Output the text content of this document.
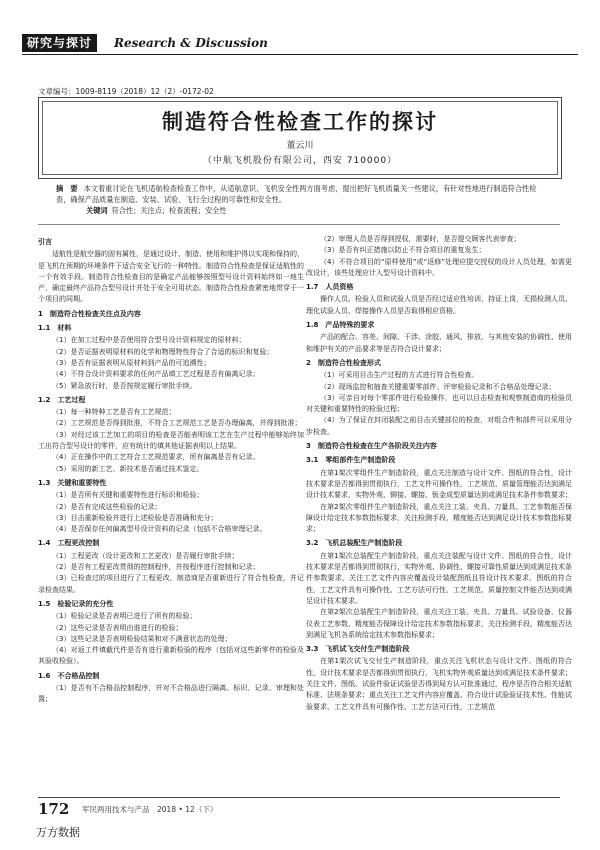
研究与探讨	Research & Discussion
文章编号：1009-8119（2018）12（2）-0172-02
制造符合性检查工作的探讨
董云川
（中航飞机股份有限公司，西安 710000）
摘　要 本文着重讨论在飞机适航检查检查工作中，从适航意识、飞机安全性两方面考虑，提出把好飞机质量关一些建议，有针对性地进行制造符合性检查，确保产品质量在制造、安装、试验、飞行全过程的可靠性和安全性。
关键词 符合性；关注点；检查流程；安全性

引言

适航性是航空器的固有属性，是通过设计、制造、使用和维护得以实现和保持的，是飞机在预期的环境条件下适合安全飞行的一种特性。制造符合性检查是保证适航性的一个有效手段。制造符合性检查目的是确定产品能够按照型号设计资料始终如一地生产，确定最终产品符合型号设计并处于安全可用状态。制造符合性检查紧密地贯穿于一个项目的同期。

1　制造符合性检查关注点及内容

1.1　材料

（1）在加工过程中是否使用符合型号设计资料规定的原材料；

（2）是否证据表明原材料的化学和物理特性符合了合适的标识和复验；

（3）是否有证据表明从原材料到产品的可追溯性；

（4）不符合设计资料要求的任何产品填工艺过程是否有偏离记录；

（5）紧急放行时，是否按规定履行审批手续。

1.2　工艺过程

（1）每一种特种工艺是否有工艺规范；

（2）工艺规范是否得到批准，不符合工艺规范工艺是否办理偏离，并得到批准；

（3）对经过该工艺加工的项目的检查是否能表明该工艺在生产过程中能够始终加工出符合型号设计的零件，应有统计的填其他证据表明以上结果。

（4）正在操作中的工艺符合工艺规范要求，所有偏离是否有记录。

（5）采用的新工艺、新技术是否通过技术鉴定。

1.3　关键和重要特性

（1）是否所有关键和重要特性进行标识和检验；

（2）是否有完成这些检验的记录；

（3）目击重新检验并进行上述检验是否准确和充分；

（4）是否保存任何偏离型号设计资料的记录（包括不合格审理记录。

1.4　工程更改控制

（1）工程更改（设计更改和工艺更改）是否履行审批手续；

（2）是否有工程更改贯彻的控制程序，并按程序进行控制和记录；

（3）已检查过的项目进行了工程更改，制造商是否重新进行了符合性检查，并记录检查结果。

1.5　检验记录的充分性

（1）检验记录是否表明已进行了所有的检验；

（2）这些记录是否表明由谁进行的检验；

（3）这些记录是否表明检验结果和对不满意状态的处理；

（4）对返工件填截代件是否有进行重新检验的程序（包括对这些新零件的检验及其验收检验）。

1.6　不合格品控制

（1）是否有不合格品控制程序，并对不合格品进行隔离、标识、记录、审理和处置；

（2）审理人员是否得到授权，需要时，是否提交顾客代表审查；

（3）是否有纠正措施以防止不符合项目的重复发生；

（4）不符合项目的“原样使用”或“返修”处理应提交授权的设计人员处理，如需更改设计，该些处理应计入型号设计资料中。

1.7　人员资格

操作人员、检验人员和试验人员是否经过适应性培训，持证上岗，无损检测人员、理化试验人员、焊接操作人员是否取得相应资格。

1.8　产品特殊的要求

产品的配合、容差、间隙、干涉、涂胶、通风、排放、与其他安装的协调性、使用和维护有关的产品要求等是否符合设计要求；

2　制造符合性检查形式

（1）可采用目击生产过程的方式进行符合性检查。

（2）现场监控和抽查关键重要零部件、评审检验记录和不合格品处理记录；

（3）可亲自对每个零部件进行检验操作，也可以目击检查和观察制造商的检验员对关键和重要特性的检验过程；

（4）为了保证在封闭装配之前目击关键部位的检查，对组合件和部件可以采用分步检查。

3　制造符合性检查在生产各阶段关注内容

3.1　零组部件生产制造阶段

在第1架次零组件生产制造阶段，重点关注制造与设计文件、图纸的符合性，设计技术要求是否都得到贯彻执行，工艺文件可操作性，工艺规范、质量管理能否达到满足设计技术要求，实物外观、铆接、螺接、钣金成型质量达到或满足技术条件参数要求；

在第2架次零组件生产制造阶段，重点关注工装、夹具、刀量具、工艺参数能否保障设计给定技术参数指标要求，关注检测手段、精度能否达到满足设计技术参数指标要求；

3.2　飞机总装配生产制造阶段

在第1架次总装配生产制造阶段，重点关注装配与设计文件、图纸的符合性，设计技术要求是否都得到贯彻执行，实物外观、协调性、螺接可靠性质量达到或满足技术条件参数要求，关注工艺文件内容应覆盖设计装配图纸且符设计技术要求，图纸的符合性，工艺文件具有可操作性、工艺方法可行性，工艺规范、质量控制文件能否达到或满足设计技术要求。

在第2架次总装配生产制造阶段，重点关注工装、夹具、刀量具、试验设备、仪器仪表工艺参数、精度能否保障设计给定技术参数指标要求，关注检测手段、精度能否达到满足飞机各系统给定技术参数指标要求；

3.3　飞机试飞交付生产制造阶段

在第1架次试飞交付生产制造阶段，重点关注飞机状态与设计文件、图纸的符合性，设计技术要求是否都得到贯彻执行，飞机实物外观质量达到或满足技术条件要求；关注文件、图纸、试验件验证试验是否得到局方认可批准通过，程序是否符合相关适航标准、法规条要求；重点关注工艺文件内容应覆盖、符合设计试验验证技术性、性能试验要求，工艺文件具有可操作性、工艺方法可行性，工艺规范

172 军民两用技术与产品　2018 • 12（下）
万方数据
